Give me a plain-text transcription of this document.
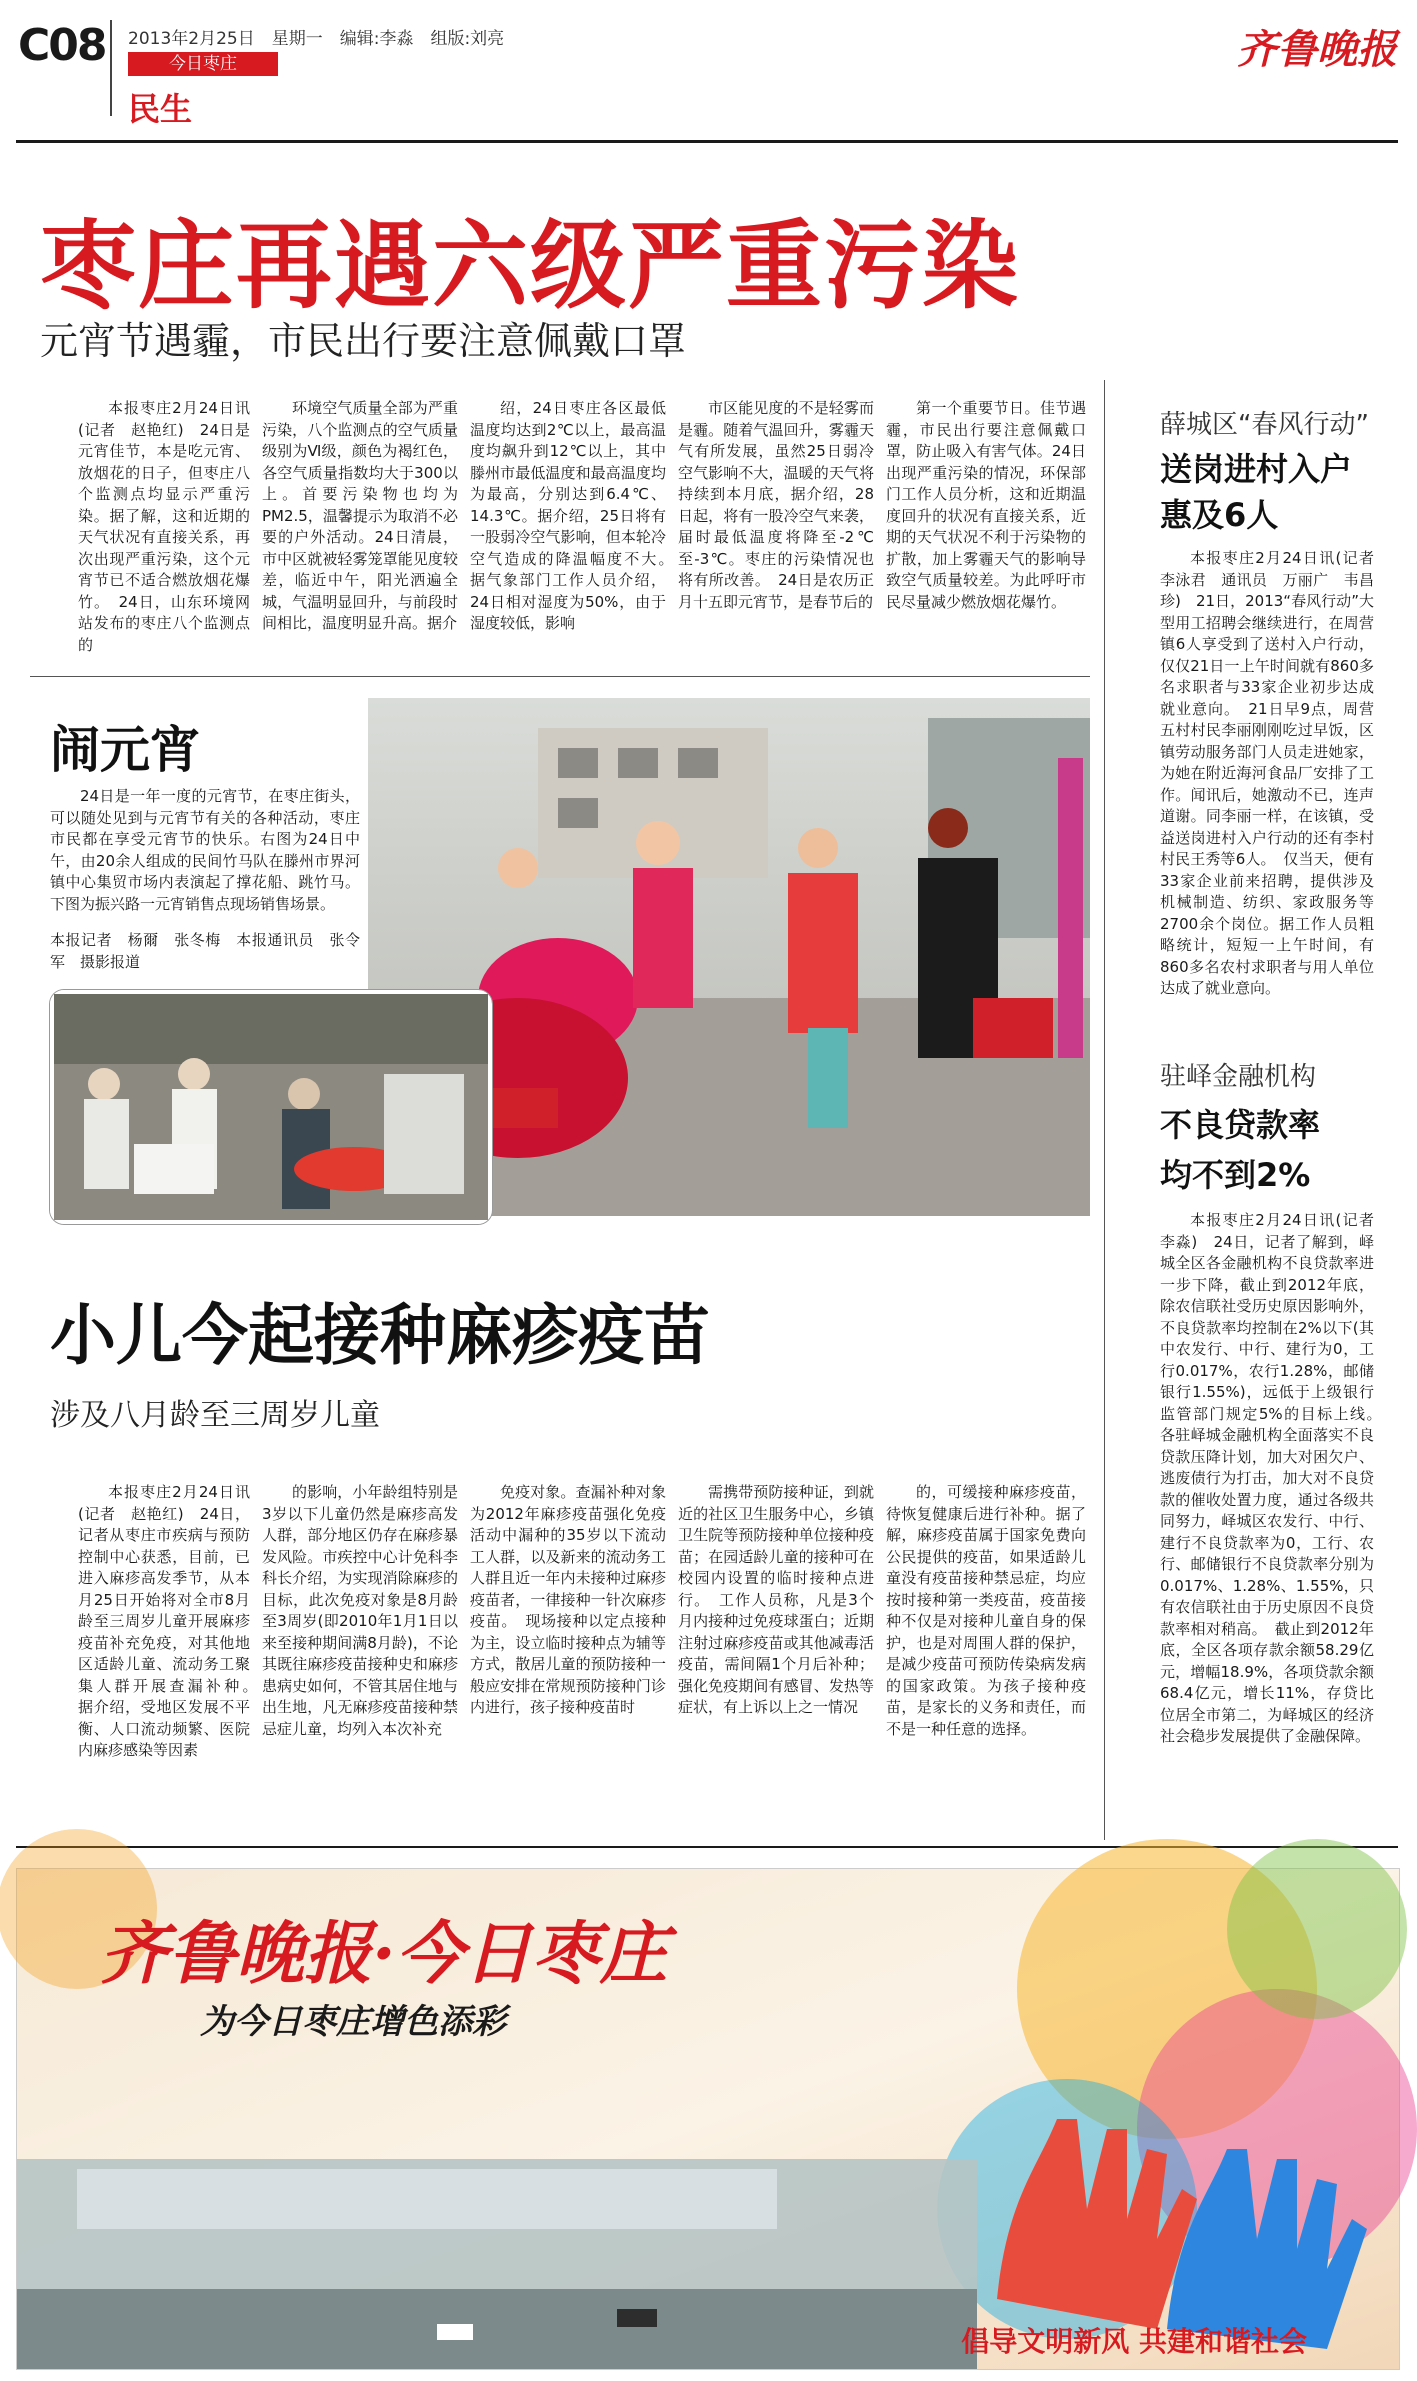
C08 2013年2月25日　星期一　编辑:李淼　组版:刘亮
今日枣庄
民生
齐鲁晚报
枣庄再遇六级严重污染
元宵节遇霾，市民出行要注意佩戴口罩

本报枣庄2月24日讯(记者　赵艳红)　24日是元宵佳节，本是吃元宵、放烟花的日子，但枣庄八个监测点均显示严重污染。据了解，这和近期的天气状况有直接关系，再次出现严重污染，这个元宵节已不适合燃放烟花爆竹。　24日，山东环境网站发布的枣庄八个监测点的

环境空气质量全部为严重污染，八个监测点的空气质量级别为Ⅵ级，颜色为褐红色，各空气质量指数均大于300以上。首要污染物也均为PM2.5，温馨提示为取消不必要的户外活动。24日清晨，市中区就被轻雾笼罩能见度较差，临近中午，阳光洒遍全城，气温明显回升，与前段时间相比，温度明显升高。据介

绍，24日枣庄各区最低温度均达到2℃以上，最高温度均飙升到12℃以上，其中滕州市最低温度和最高温度均为最高，分别达到6.4℃、14.3℃。据介绍，25日将有一股弱冷空气影响，但本轮冷空气造成的降温幅度不大。　据气象部门工作人员介绍，24日相对湿度为50%，由于湿度较低，影响

市区能见度的不是轻雾而是霾。随着气温回升，雾霾天气有所发展，虽然25日弱冷空气影响不大，温暖的天气将持续到本月底，据介绍，28日起，将有一股冷空气来袭，届时最低温度将降至-2℃至-3℃。枣庄的污染情况也将有所改善。　24日是农历正月十五即元宵节，是春节后的

第一个重要节日。佳节遇霾，市民出行要注意佩戴口罩，防止吸入有害气体。24日出现严重污染的情况，环保部门工作人员分析，这和近期温度回升的状况有直接关系，近期的天气状况不利于污染物的扩散，加上雾霾天气的影响导致空气质量较差。为此呼吁市民尽量减少燃放烟花爆竹。

闹元宵

24日是一年一度的元宵节，在枣庄街头，可以随处见到与元宵节有关的各种活动，枣庄市民都在享受元宵节的快乐。右图为24日中午，由20余人组成的民间竹马队在滕州市界河镇中心集贸市场内表演起了撑花船、跳竹马。下图为振兴路一元宵销售点现场销售场景。

本报记者　杨爾　张冬梅　本报通讯员　张令军　摄影报道
小儿今起接种麻疹疫苗
涉及八月龄至三周岁儿童

本报枣庄2月24日讯(记者　赵艳红)　24日，记者从枣庄市疾病与预防控制中心获悉，目前，已进入麻疹高发季节，从本月25日开始将对全市8月龄至三周岁儿童开展麻疹疫苗补充免疫，对其他地区适龄儿童、流动务工聚集人群开展查漏补种。　据介绍，受地区发展不平衡、人口流动频繁、医院内麻疹感染等因素

的影响，小年龄组特别是3岁以下儿童仍然是麻疹高发人群，部分地区仍存在麻疹暴发风险。市疾控中心计免科李科长介绍，为实现消除麻疹的目标，此次免疫对象是8月龄至3周岁(即2010年1月1日以来至接种期间满8月龄)，不论其既往麻疹疫苗接种史和麻疹患病史如何，不管其居住地与出生地，凡无麻疹疫苗接种禁忌症儿童，均列入本次补充

免疫对象。查漏补种对象为2012年麻疹疫苗强化免疫活动中漏种的35岁以下流动工人群，以及新来的流动务工人群且近一年内未接种过麻疹疫苗者，一律接种一针次麻疹疫苗。　现场接种以定点接种为主，设立临时接种点为辅等方式，散居儿童的预防接种一般应安排在常规预防接种门诊内进行，孩子接种疫苗时

需携带预防接种证，到就近的社区卫生服务中心，乡镇卫生院等预防接种单位接种疫苗；在园适龄儿童的接种可在校园内设置的临时接种点进行。　工作人员称，凡是3个月内接种过免疫球蛋白；近期注射过麻疹疫苗或其他减毒活疫苗，需间隔1个月后补种；强化免疫期间有感冒、发热等症状，有上诉以上之一情况

的，可缓接种麻疹疫苗，待恢复健康后进行补种。据了解，麻疹疫苗属于国家免费向公民提供的疫苗，如果适龄儿童没有疫苗接种禁忌症，均应按时接种第一类疫苗，疫苗接种不仅是对接种儿童自身的保护，也是对周围人群的保护，是减少疫苗可预防传染病发病的国家政策。为孩子接种疫苗，是家长的义务和责任，而不是一种任意的选择。

薛城区“春风行动”
送岗进村入户
惠及6人

本报枣庄2月24日讯(记者　李泳君　通讯员　万丽广　韦昌珍)　21日，2013“春风行动”大型用工招聘会继续进行，在周营镇6人享受到了送村入户行动，仅仅21日一上午时间就有860多名求职者与33家企业初步达成就业意向。　21日早9点，周营五村村民李丽刚刚吃过早饭，区镇劳动服务部门人员走进她家，为她在附近海河食品厂安排了工作。闻讯后，她激动不已，连声道谢。同李丽一样，在该镇，受益送岗进村入户行动的还有李村村民王秀等6人。　仅当天，便有33家企业前来招聘，提供涉及机械制造、纺织、家政服务等2700余个岗位。据工作人员粗略统计，短短一上午时间，有860多名农村求职者与用人单位达成了就业意向。

驻峄金融机构
不良贷款率
均不到2%

本报枣庄2月24日讯(记者　李淼)　24日，记者了解到，峄城全区各金融机构不良贷款率进一步下降，截止到2012年底，除农信联社受历史原因影响外，不良贷款率均控制在2%以下(其中农发行、中行、建行为0，工行0.017%，农行1.28%，邮储银行1.55%)，远低于上级银行监管部门规定5%的目标上线。　各驻峄城金融机构全面落实不良贷款压降计划，加大对困欠户、逃废债行为打击，加大对不良贷款的催收处置力度，通过各级共同努力，峄城区农发行、中行、建行不良贷款率为0，工行、农行、邮储银行不良贷款率分别为0.017%、1.28%、1.55%，只有农信联社由于历史原因不良贷款率相对稍高。　截止到2012年底，全区各项存款余额58.29亿元，增幅18.9%，各项贷款余额68.4亿元，增长11%，存贷比位居全市第二，为峄城区的经济社会稳步发展提供了金融保障。

齐鲁晚报·今日枣庄
为今日枣庄增色添彩
倡导文明新风 共建和谐社会
